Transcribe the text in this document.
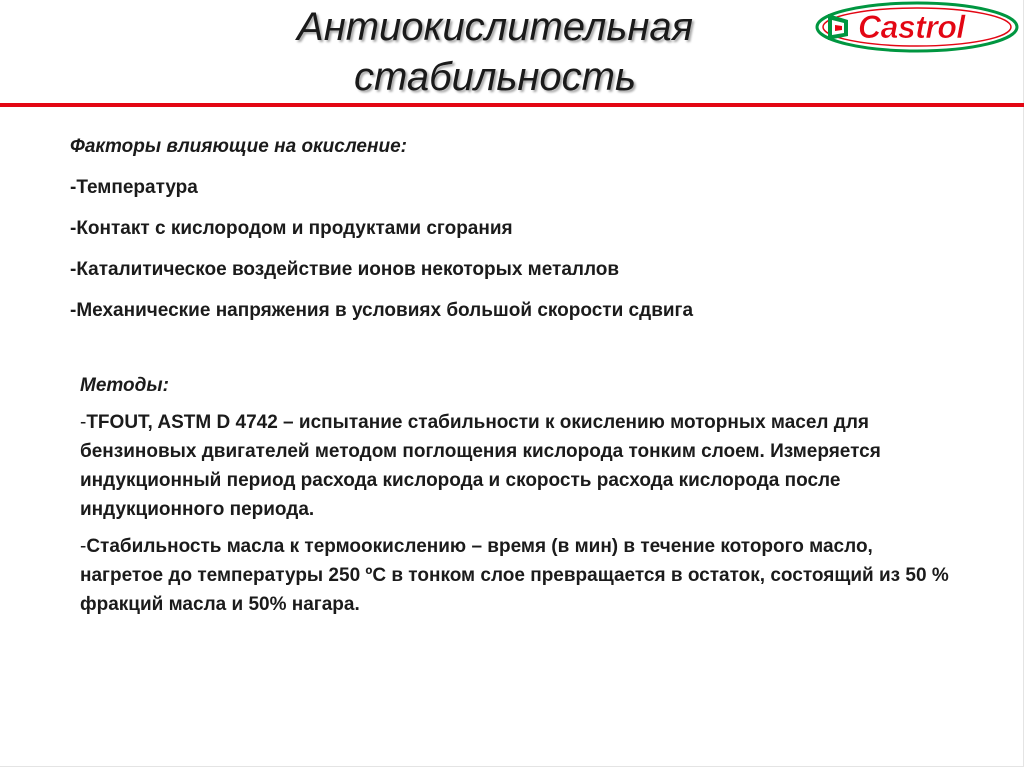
Антиокислительная
стабильность
Castrol
Факторы влияющие на окисление:
-Температура
-Контакт с кислородом и продуктами сгорания
-Каталитическое воздействие ионов некоторых металлов
-Механические напряжения в условиях большой скорости сдвига
Методы:
-TFOUT, ASTM D 4742 – испытание стабильности к окислению моторных масел для бензиновых двигателей методом поглощения кислорода тонким слоем. Измеряется индукционный период расхода кислорода и скорость расхода кислорода после индукционного периода.
-Стабильность масла к термоокислению – время (в мин) в течение которого масло, нагретое до температуры 250 ºС в тонком слое превращается в остаток, состоящий из 50 % фракций масла и 50% нагара.
